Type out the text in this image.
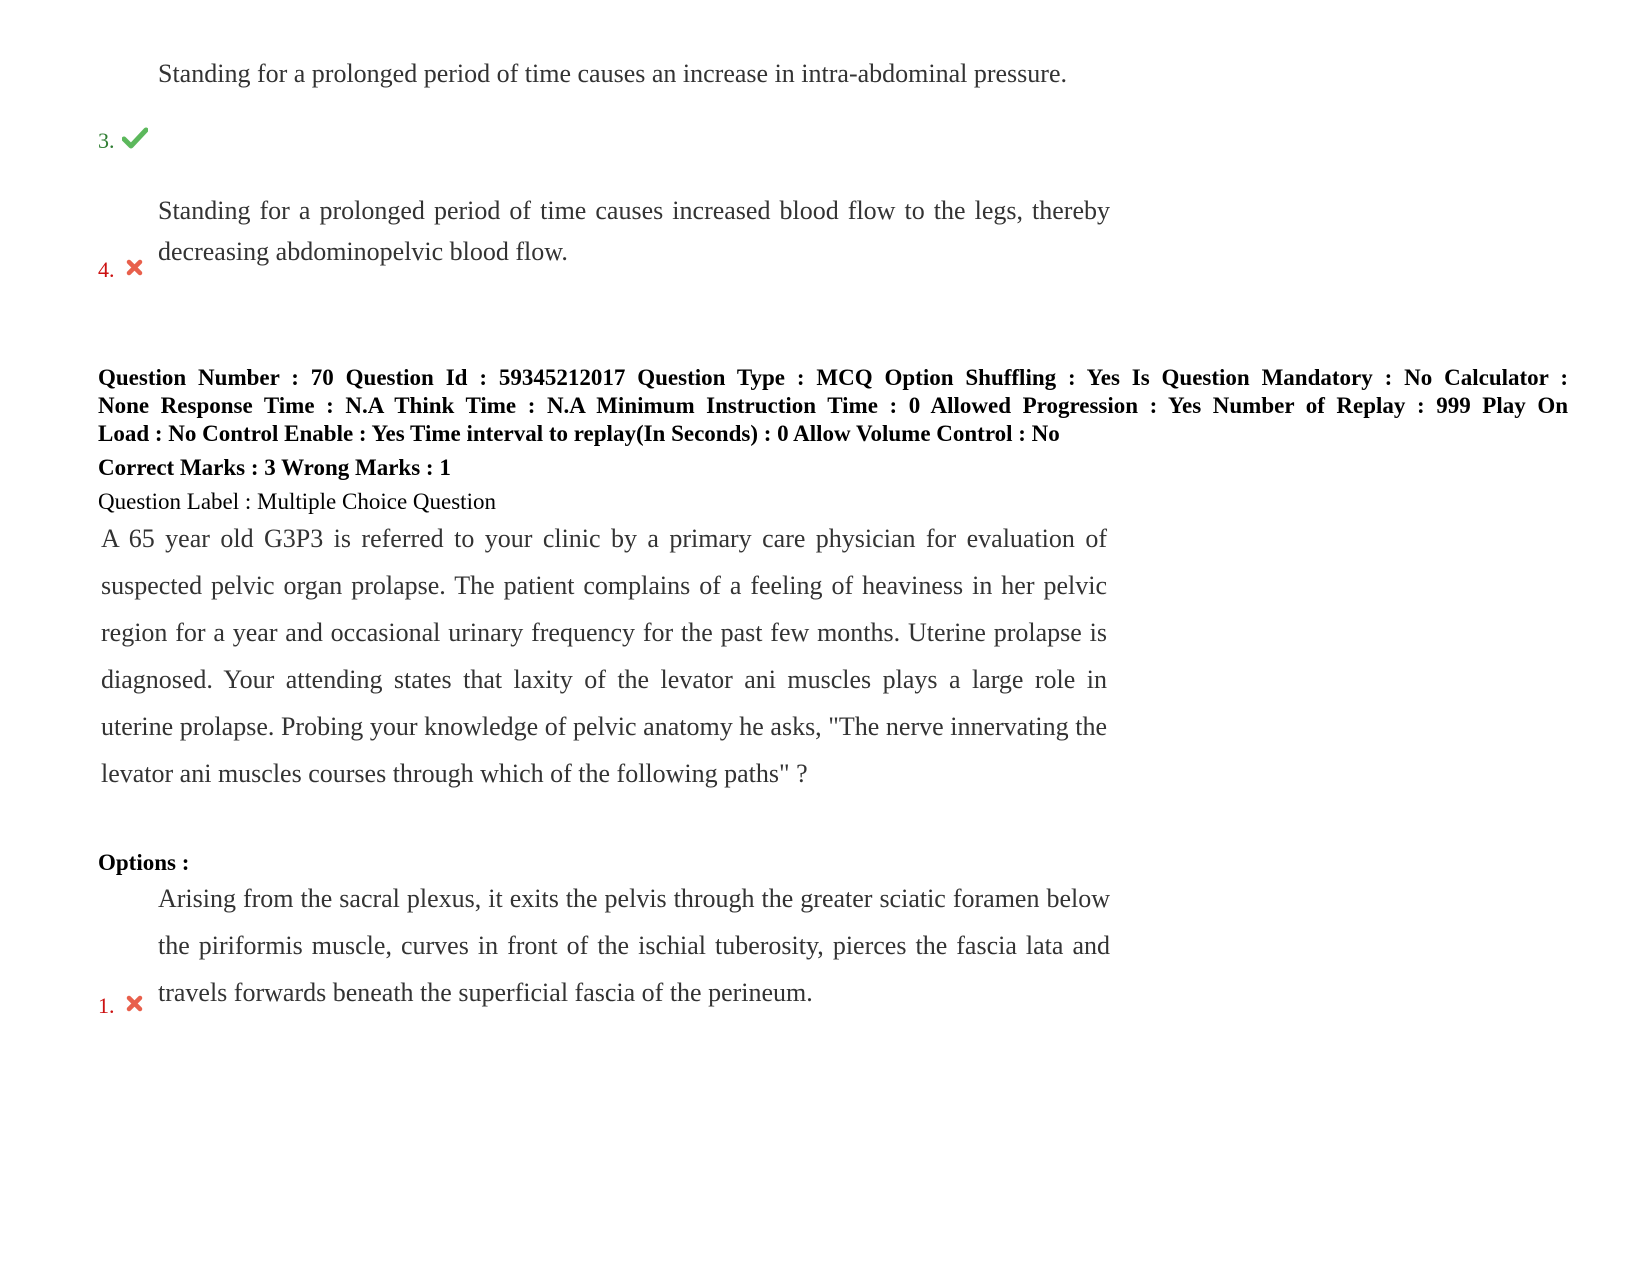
Standing for a prolonged period of time causes an increase in intra-abdominal pressure.
3.
Standing for a prolonged period of time causes increased blood flow to the legs, thereby decreasing abdominopelvic blood flow.
4.
Question Number : 70 Question Id : 59345212017 Question Type : MCQ Option Shuffling : Yes Is Question Mandatory : No Calculator :
None Response Time : N.A Think Time : N.A Minimum Instruction Time : 0 Allowed Progression : Yes Number of Replay : 999 Play On
Load : No Control Enable : Yes Time interval to replay(In Seconds) : 0 Allow Volume Control : No
Correct Marks : 3 Wrong Marks : 1
Question Label : Multiple Choice Question
A 65 year old G3P3 is referred to your clinic by a primary care physician for evaluation of suspected pelvic organ prolapse. The patient complains of a feeling of heaviness in her pelvic region for a year and occasional urinary frequency for the past few months. Uterine prolapse is diagnosed. Your attending states that laxity of the levator ani muscles plays a large role in uterine prolapse. Probing your knowledge of pelvic anatomy he asks, "The nerve innervating the levator ani muscles courses through which of the following paths" ?
Options :
Arising from the sacral plexus, it exits the pelvis through the greater sciatic foramen below the piriformis muscle, curves in front of the ischial tuberosity, pierces the fascia lata and travels forwards beneath the superficial fascia of the perineum.
1.
